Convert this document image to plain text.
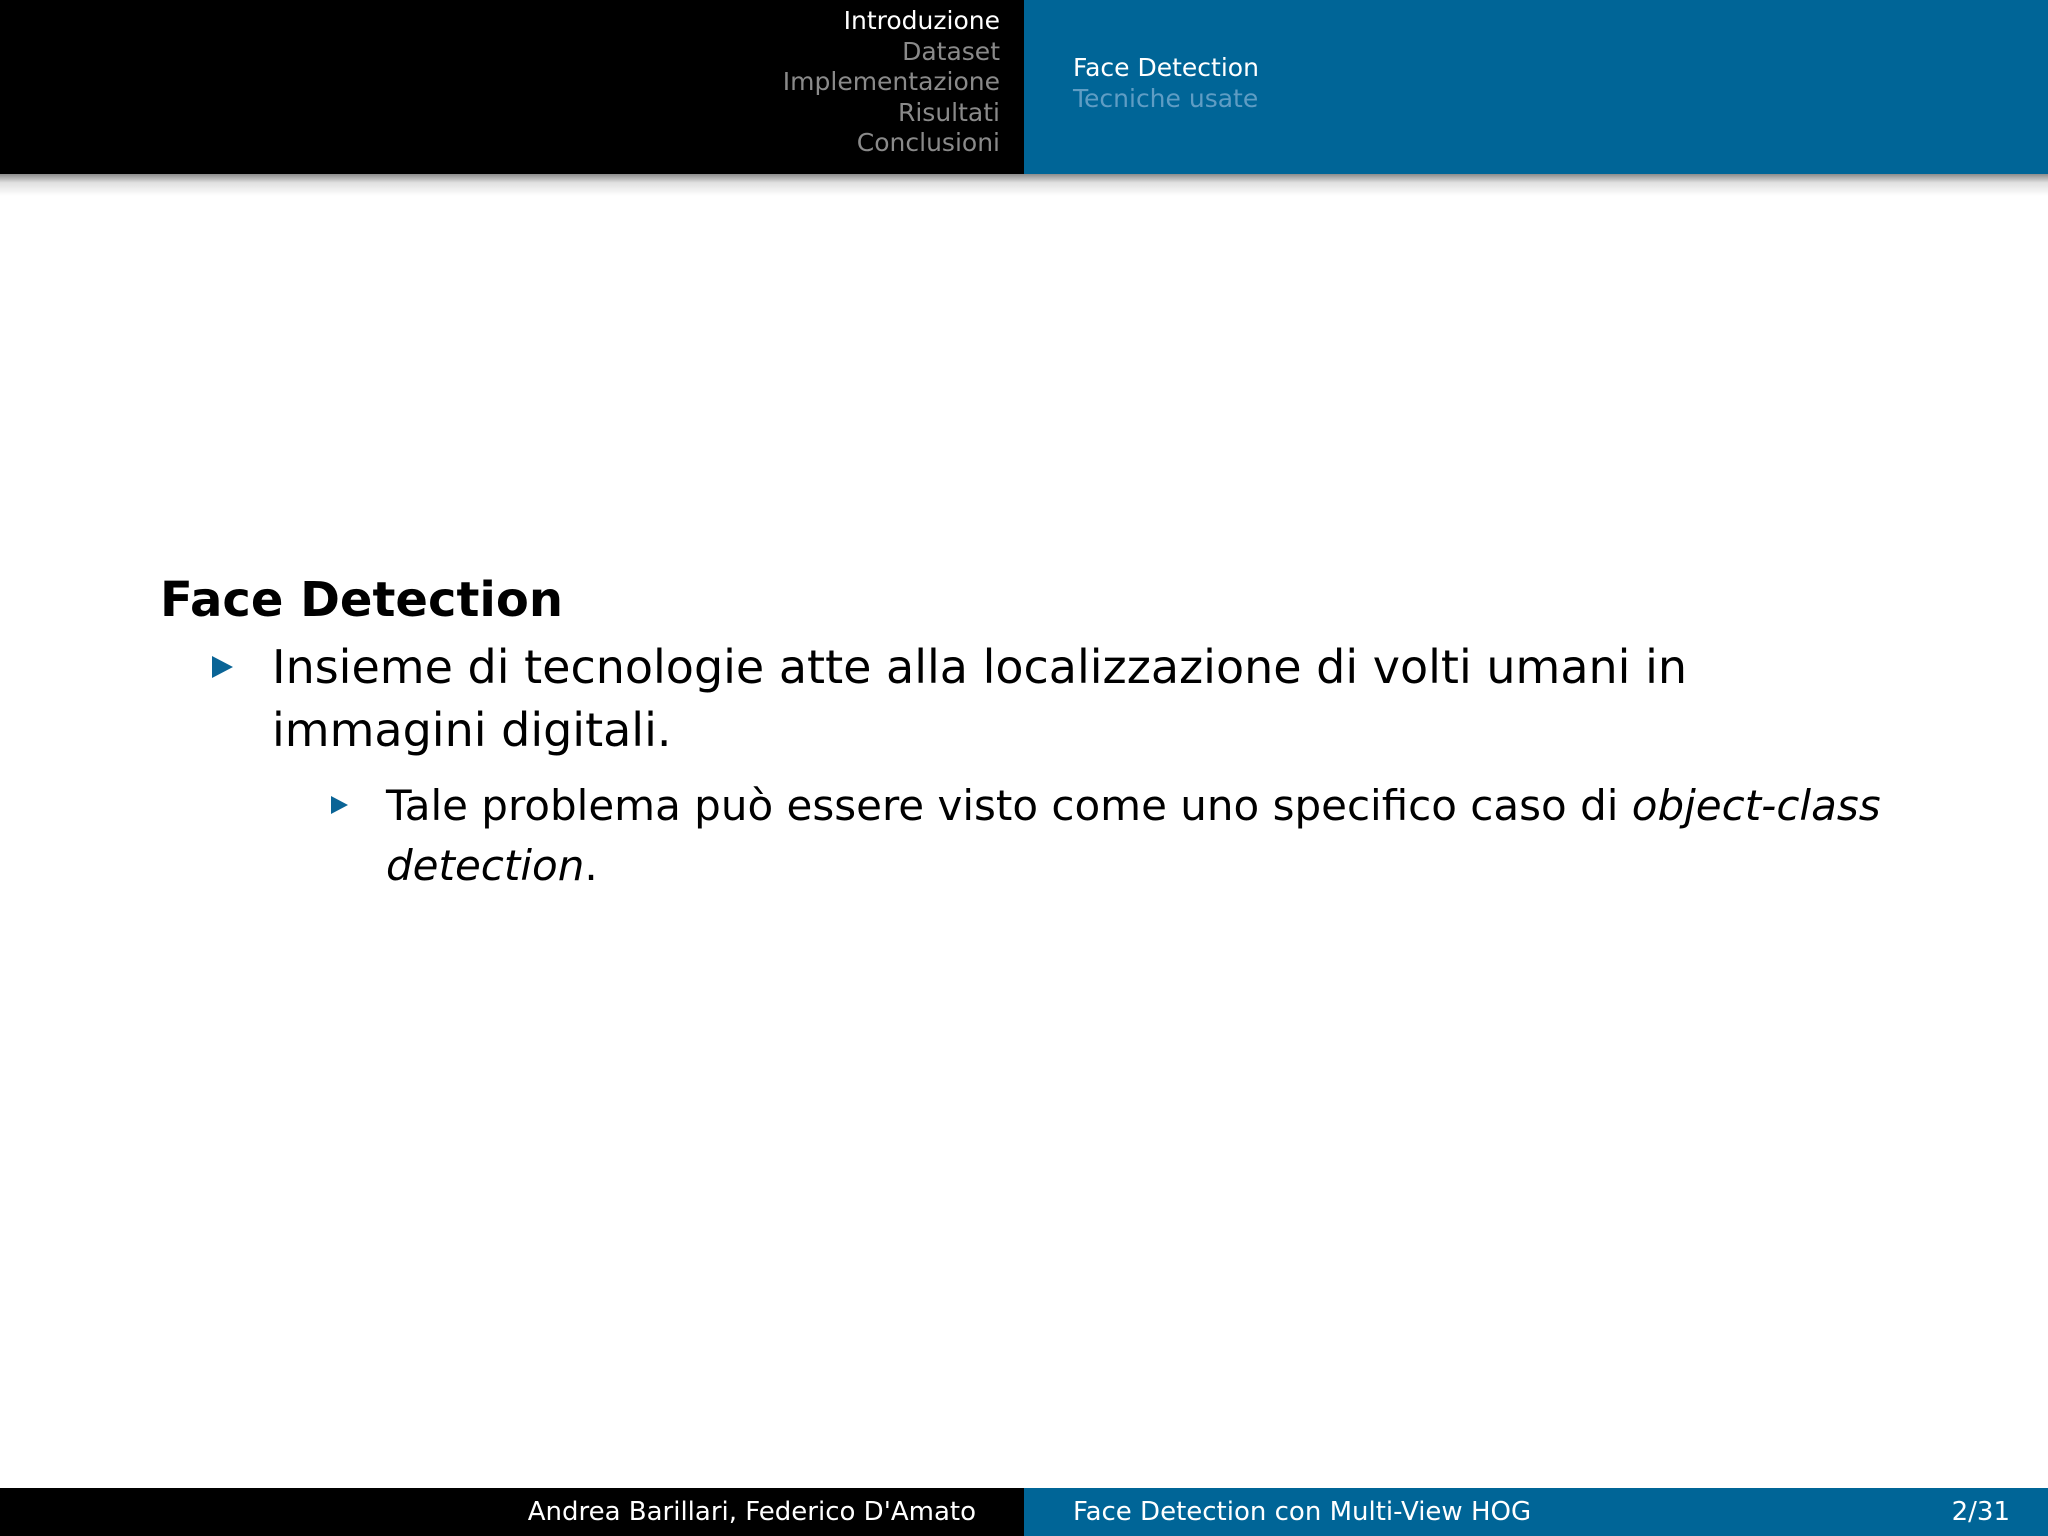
Introduzione
Dataset
Implementazione
Risultati
Conclusioni
Face Detection
Tecniche usate
Face Detection
Insieme di tecnologie atte alla localizzazione di volti umani in immagini digitali.
Tale problema può essere visto come uno specifico caso di object-class detection.
Andrea Barillari, Federico D'Amato	Face Detection con Multi-View HOG	2/31
